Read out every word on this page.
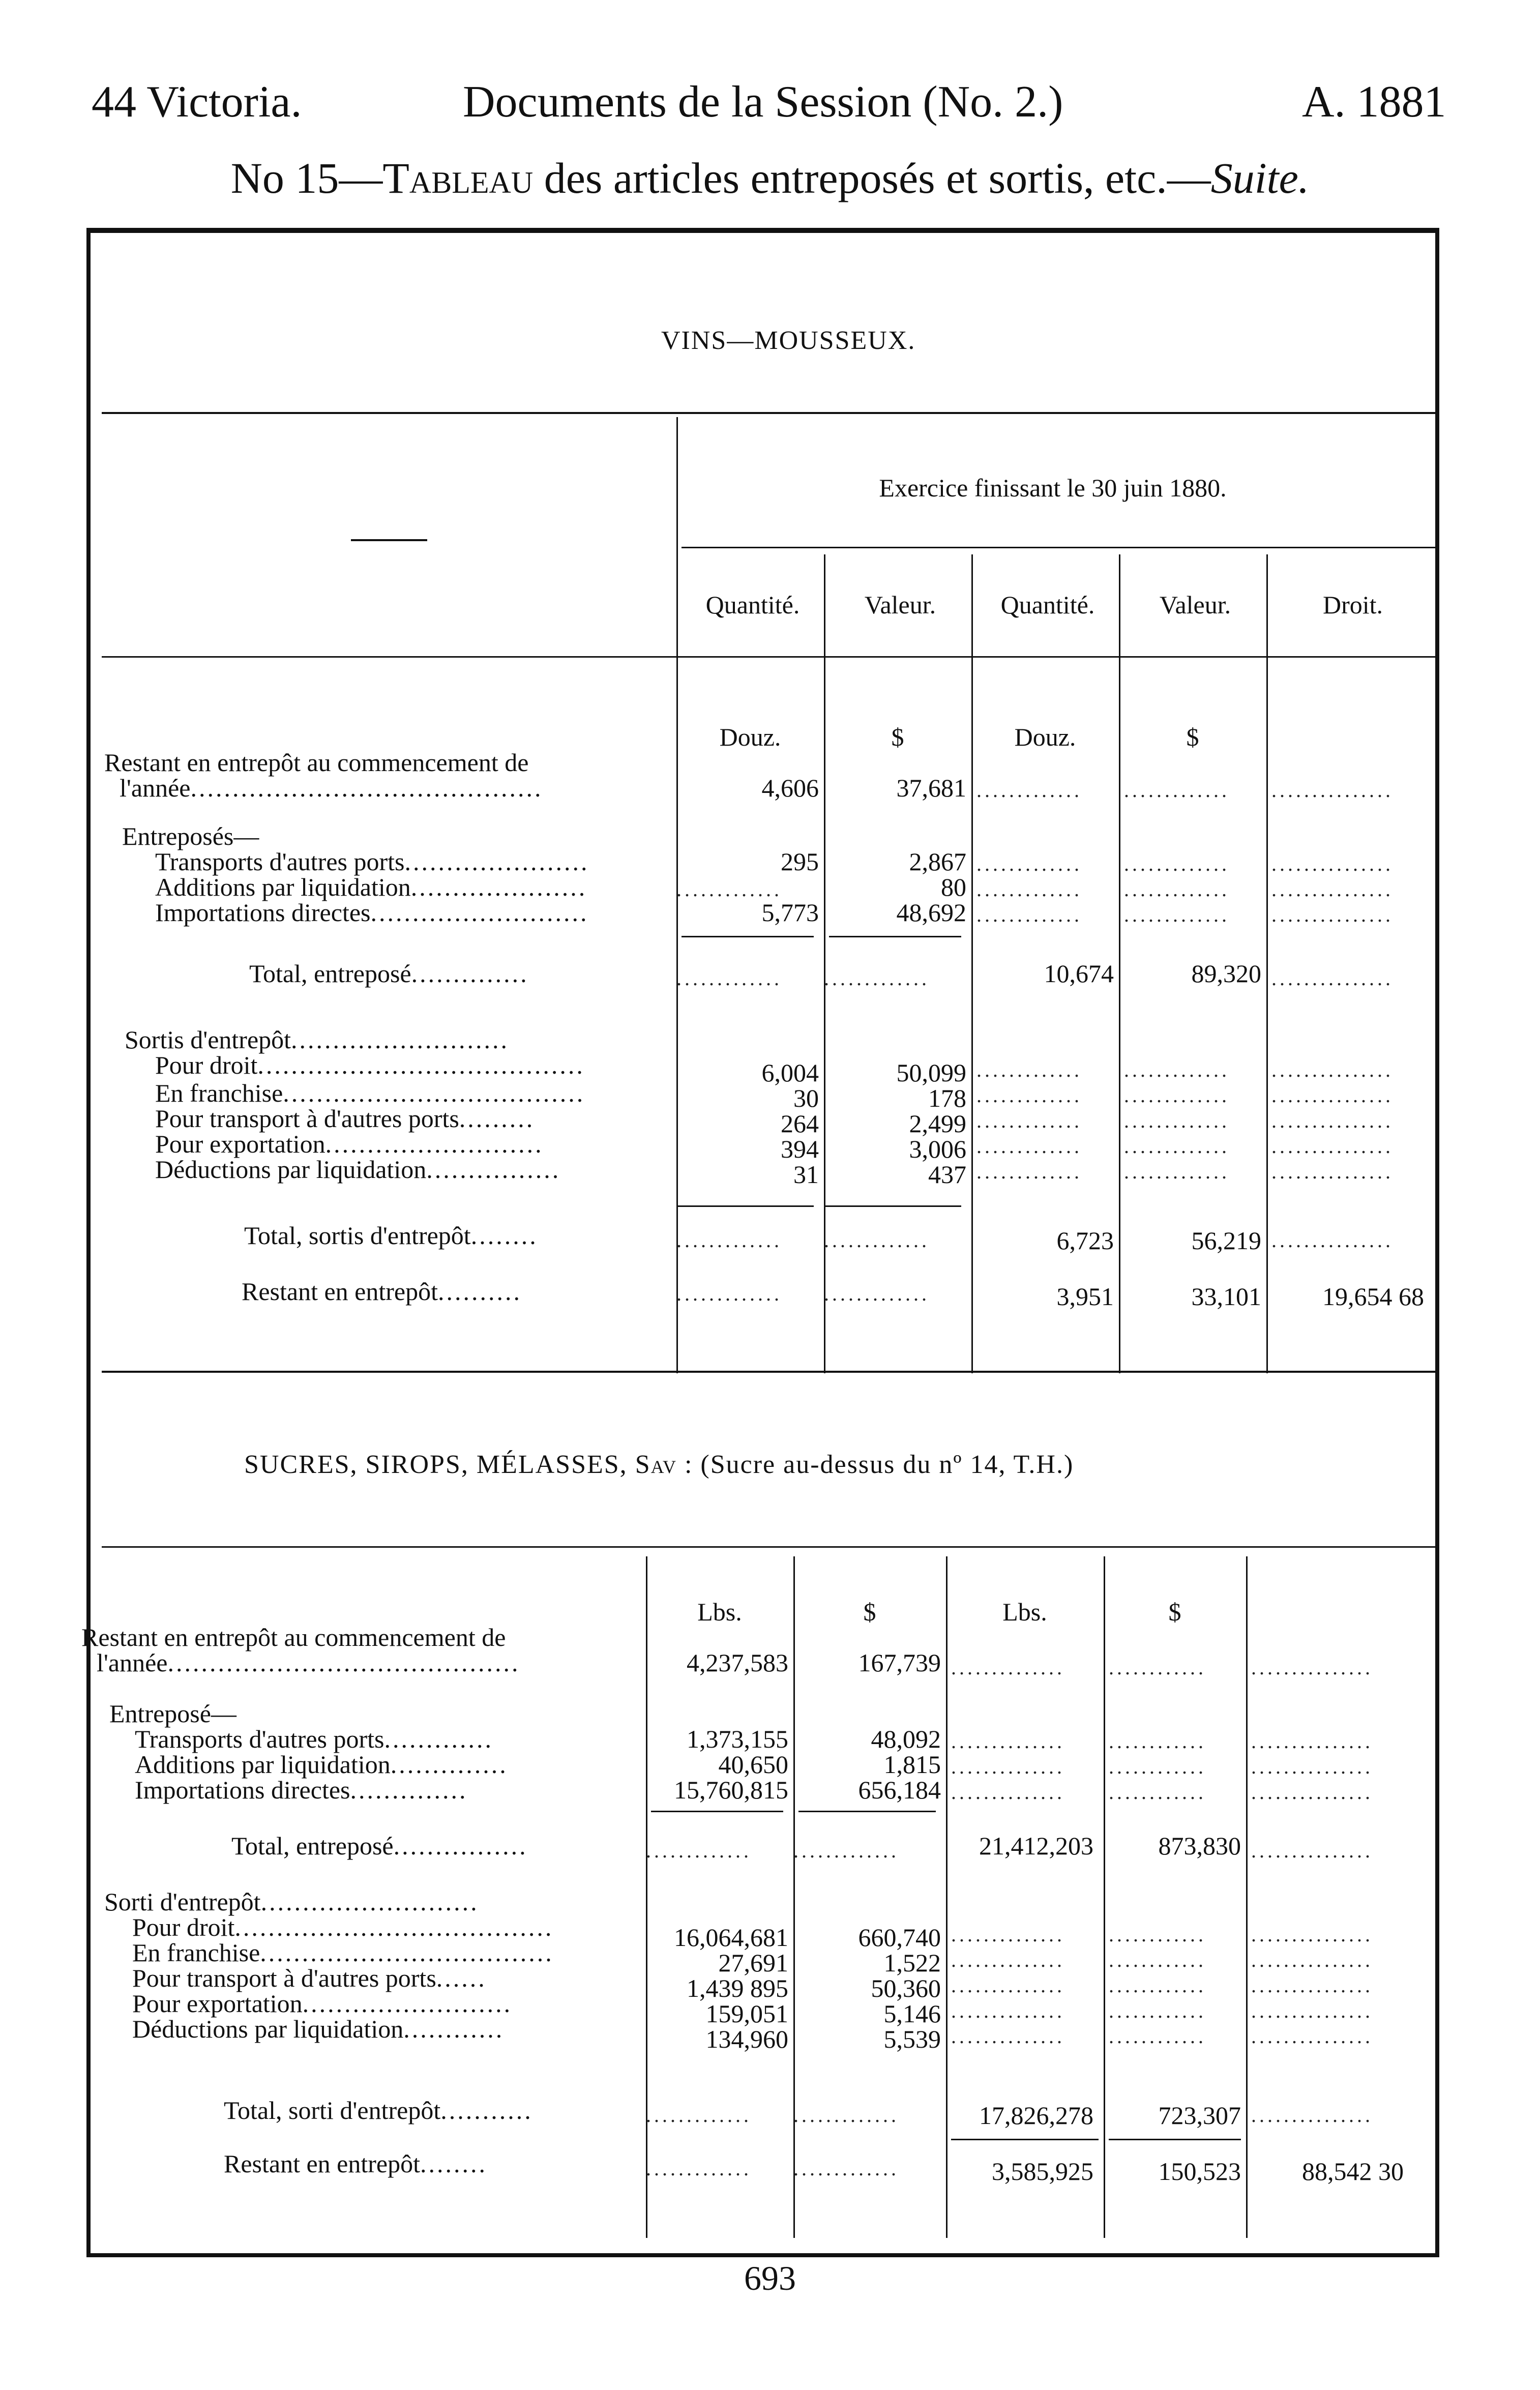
44 Victoria.	Documents de la Session (No. 2.)	A. 1881
No 15—Tableau des articles entreposés et sortis, etc.—Suite.
VINS—MOUSSEUX.
Exercice finissant le 30 juin 1880.
Quantité.	Valeur.	Quantité.	Valeur.	Droit.
Douz.	$	Douz.	$
Restant en entrepôt au commencement de
l'année..........................................	4,606	37,681 .............	.............	...............
Entreposés—
Transports d'autres ports......................	295	2,867 .............	.............	...............
Additions par liquidation.....................	.............	80 .............	.............	...............
Importations directes..........................	5,773	48,692 .............	.............	...............
Total, entreposé..............	.............	.............	10,674	89,320 ...............
Sortis d'entrepôt..........................
Pour droit.......................................	6,004	50,099 .............	.............	...............
En franchise....................................	30	178 .............	.............	...............
Pour transport à d'autres ports.........	264	2,499 .............	.............	...............
Pour exportation..........................	394	3,006 .............	.............	...............
Déductions par liquidation................	31	437 .............	.............	...............
Total, sortis d'entrepôt........	.............	.............	6,723	56,219 ...............
Restant en entrepôt..........	.............	.............	3,951	33,101	19,654 68
SUCRES, SIROPS, MÉLASSES, Sav : (Sucre au-dessus du nº 14, T.H.)
Lbs.	$	Lbs.	$
Restant en entrepôt au commencement de
l'année..........................................	4,237,583	167,739 ..............	............	...............
Entreposé—
Transports d'autres ports.............	1,373,155	48,092 ..............	............	...............
Additions par liquidation..............	40,650	1,815 ..............	............	...............
Importations directes..............	15,760,815	656,184 ..............	............	...............
Total, entreposé................	.............	.............	21,412,203	873,830 ...............
Sorti d'entrepôt..........................
Pour droit......................................	16,064,681	660,740 ..............	............	...............
En franchise...................................	27,691	1,522 ..............	............	...............
Pour transport à d'autres ports......	1,439 895	50,360 ..............	............	...............
Pour exportation.........................	159,051	5,146 ..............	............	...............
Déductions par liquidation............	134,960	5,539 ..............	............	...............
Total, sorti d'entrepôt...........	.............	.............	17,826,278	723,307 ...............
Restant en entrepôt........	.............	.............	3,585,925	150,523	88,542 30
693
